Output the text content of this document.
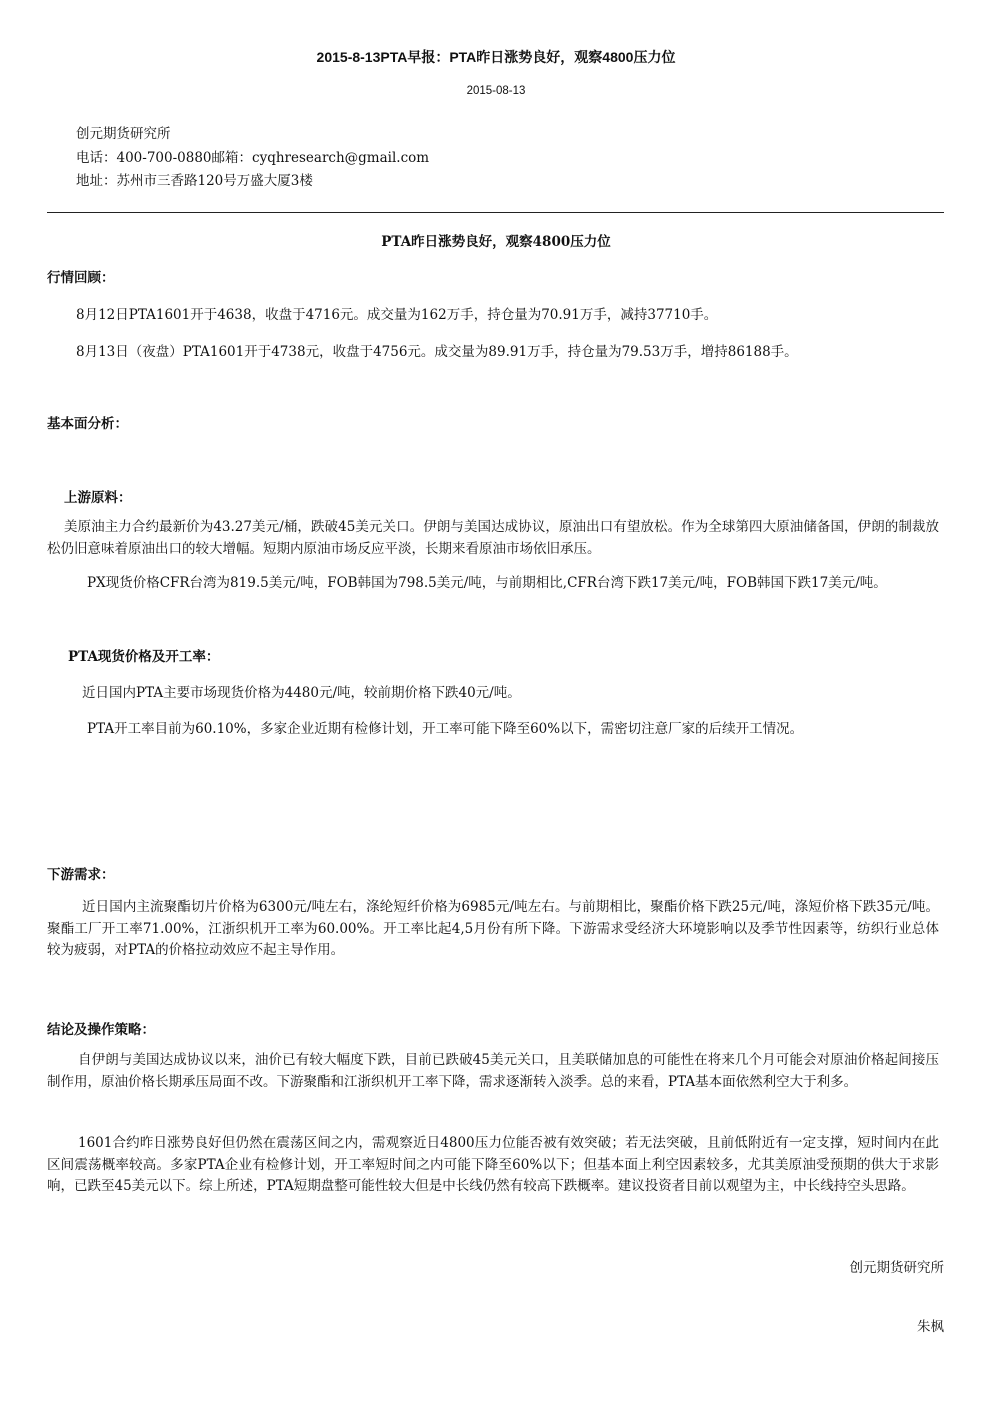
2015-8-13PTA早报：PTA昨日涨势良好，观察4800压力位
2015-08-13
创元期货研究所
电话：400-700-0880邮箱：cyqhresearch@gmail.com
地址：苏州市三香路120号万盛大厦3楼
PTA昨日涨势良好，观察4800压力位
行情回顾：
8月12日PTA1601开于4638，收盘于4716元。成交量为162万手，持仓量为70.91万手，减持37710手。
8月13日（夜盘）PTA1601开于4738元，收盘于4756元。成交量为89.91万手，持仓量为79.53万手，增持86188手。
基本面分析：
上游原料：
美原油主力合约最新价为43.27美元/桶，跌破45美元关口。伊朗与美国达成协议，原油出口有望放松。作为全球第四大原油储备国，伊朗的制裁放松仍旧意味着原油出口的较大增幅。短期内原油市场反应平淡，长期来看原油市场依旧承压。
PX现货价格CFR台湾为819.5美元/吨，FOB韩国为798.5美元/吨，与前期相比,CFR台湾下跌17美元/吨，FOB韩国下跌17美元/吨。
PTA现货价格及开工率：
近日国内PTA主要市场现货价格为4480元/吨，较前期价格下跌40元/吨。
PTA开工率目前为60.10%，多家企业近期有检修计划，开工率可能下降至60%以下，需密切注意厂家的后续开工情况。
下游需求：
近日国内主流聚酯切片价格为6300元/吨左右，涤纶短纤价格为6985元/吨左右。与前期相比，聚酯价格下跌25元/吨，涤短价格下跌35元/吨。聚酯工厂开工率71.00%，江浙织机开工率为60.00%。开工率比起4,5月份有所下降。下游需求受经济大环境影响以及季节性因素等，纺织行业总体较为疲弱，对PTA的价格拉动效应不起主导作用。
结论及操作策略：
自伊朗与美国达成协议以来，油价已有较大幅度下跌，目前已跌破45美元关口，且美联储加息的可能性在将来几个月可能会对原油价格起间接压制作用，原油价格长期承压局面不改。下游聚酯和江浙织机开工率下降，需求逐渐转入淡季。总的来看，PTA基本面依然利空大于利多。
1601合约昨日涨势良好但仍然在震荡区间之内，需观察近日4800压力位能否被有效突破；若无法突破，且前低附近有一定支撑，短时间内在此区间震荡概率较高。多家PTA企业有检修计划，开工率短时间之内可能下降至60%以下；但基本面上利空因素较多，尤其美原油受预期的供大于求影响，已跌至45美元以下。综上所述，PTA短期盘整可能性较大但是中长线仍然有较高下跌概率。建议投资者目前以观望为主，中长线持空头思路。
创元期货研究所
朱枫
